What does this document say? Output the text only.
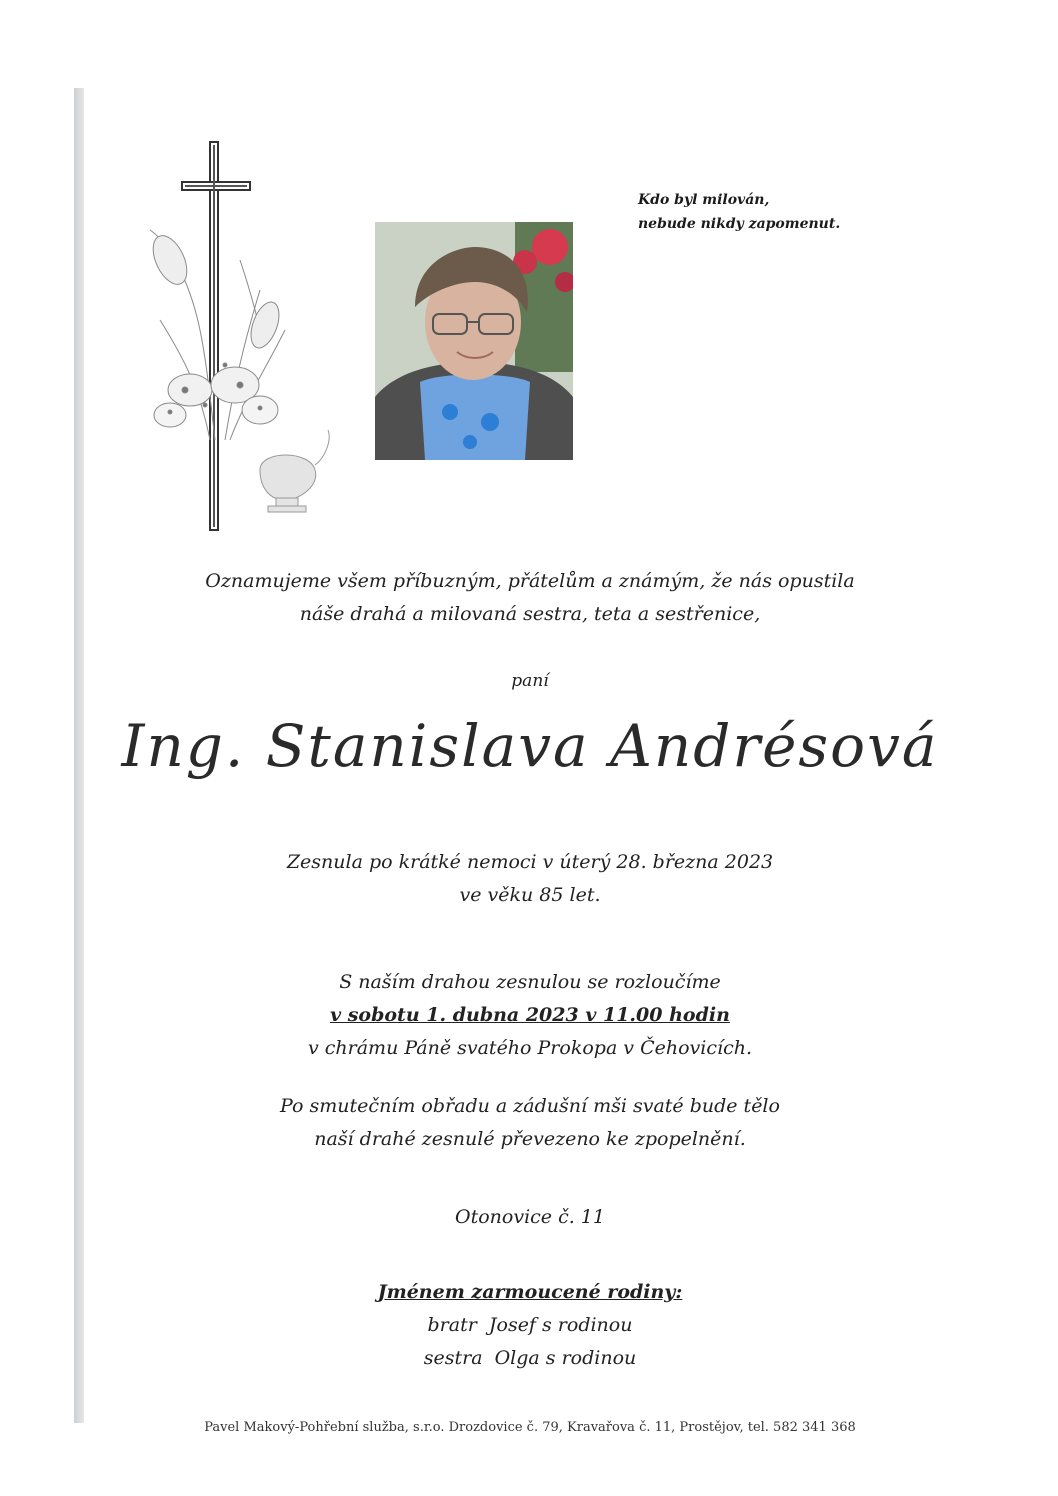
Kdo byl milován,
nebude nikdy zapomenut.
Oznamujeme všem příbuzným, přátelům a známým, že nás opustila
náše drahá a milovaná sestra, teta a sestřenice,
paní
Ing. Stanislava Andrésová
Zesnula po krátké nemoci v úterý 28. března 2023
ve věku 85 let.
S naším drahou zesnulou se rozloučíme
v sobotu 1. dubna 2023 v 11.00 hodin
v chrámu Páně svatého Prokopa v Čehovicích.
Po smutečním obřadu a zádušní mši svaté bude tělo
naší drahé zesnulé převezeno ke zpopelnění.
Otonovice č. 11
Jménem zarmoucené rodiny:
bratr  Josef s rodinou
sestra  Olga s rodinou
Pavel Makový-Pohřební služba, s.r.o. Drozdovice č. 79, Kravařova č. 11, Prostějov, tel. 582 341 368
